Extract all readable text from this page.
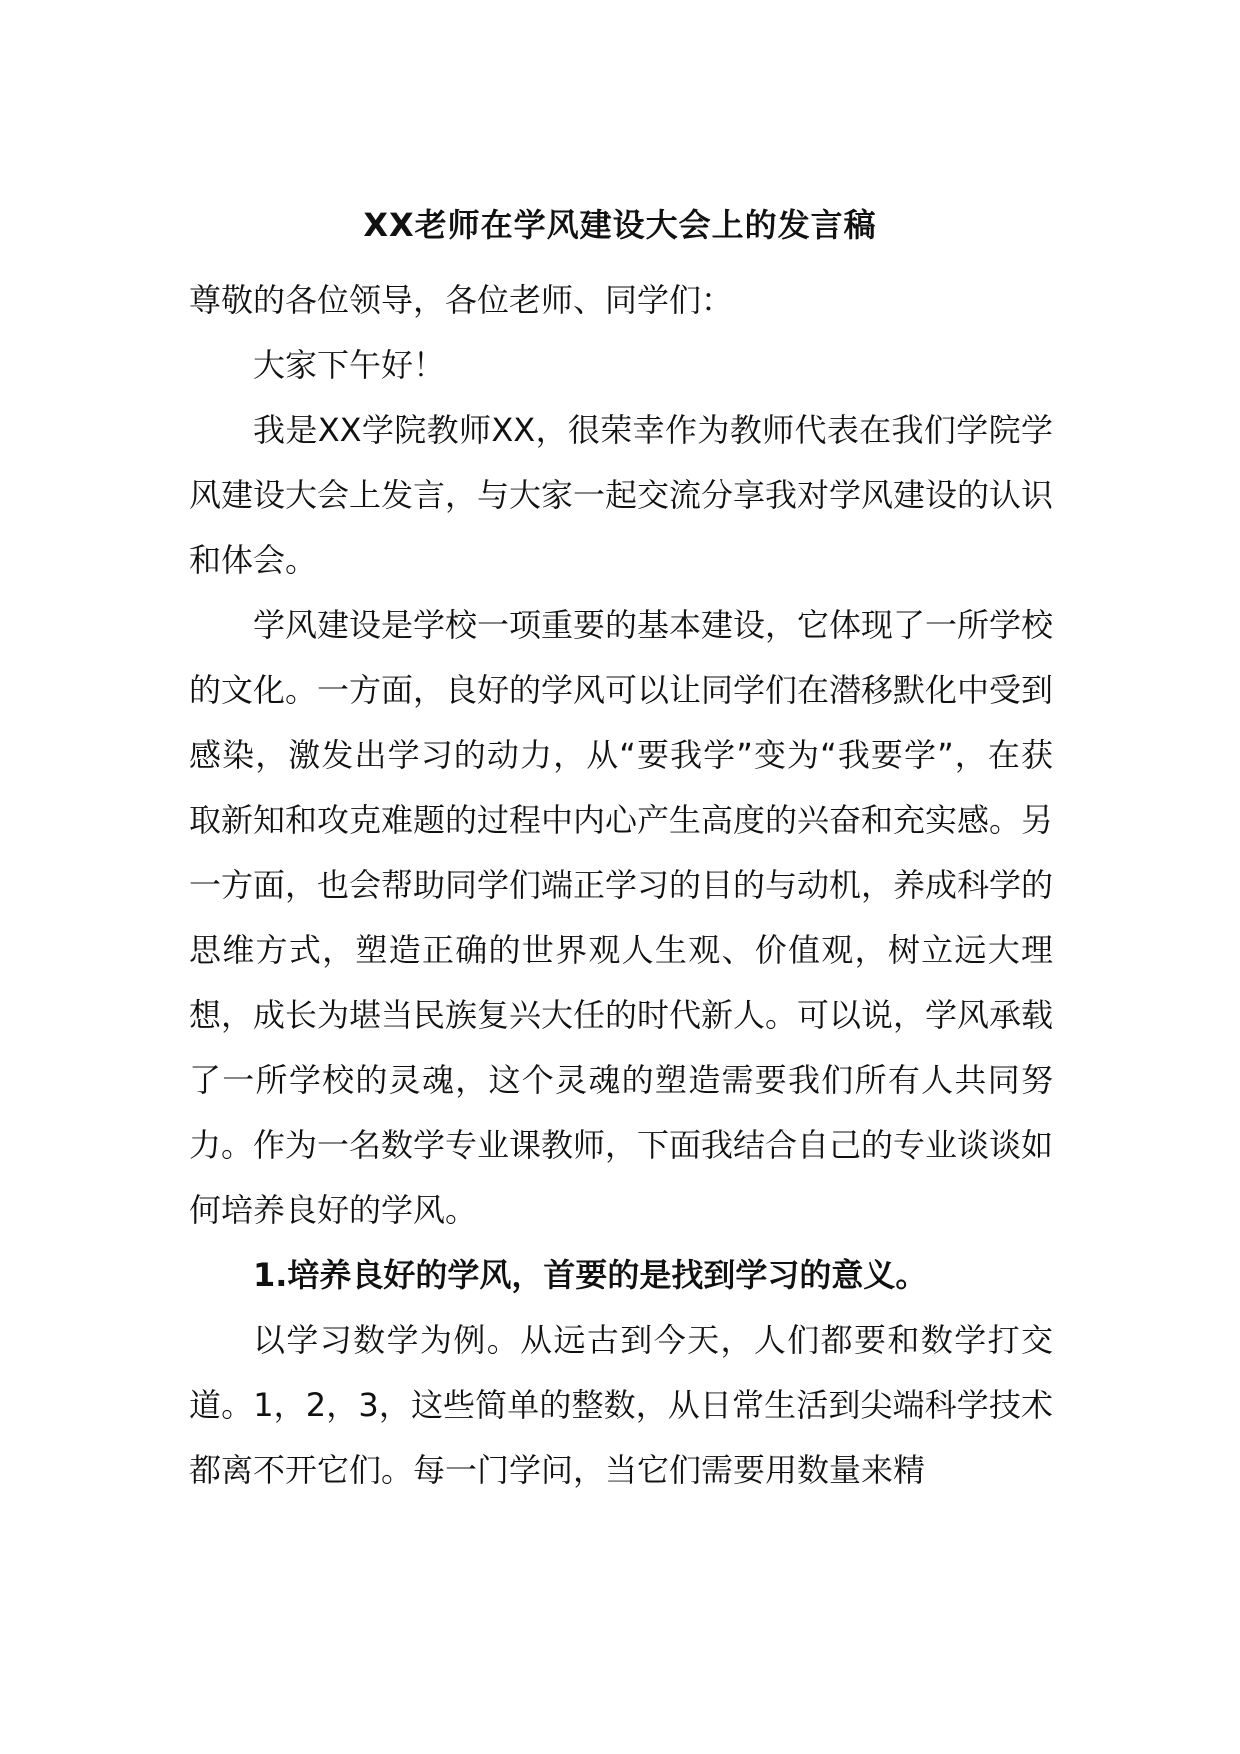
XX老师在学风建设大会上的发言稿

尊敬的各位领导，各位老师、同学们：

大家下午好！

我是XX学院教师XX，很荣幸作为教师代表在我们学院学风建设大会上发言，与大家一起交流分享我对学风建设的认识和体会。

学风建设是学校一项重要的基本建设，它体现了一所学校的文化。一方面，良好的学风可以让同学们在潜移默化中受到感染，激发出学习的动力，从“要我学”变为“我要学”，在获取新知和攻克难题的过程中内心产生高度的兴奋和充实感。另一方面，也会帮助同学们端正学习的目的与动机，养成科学的思维方式，塑造正确的世界观人生观、价值观，树立远大理想，成长为堪当民族复兴大任的时代新人。可以说，学风承载了一所学校的灵魂，这个灵魂的塑造需要我们所有人共同努力。作为一名数学专业课教师，下面我结合自己的专业谈谈如何培养良好的学风。

1.培养良好的学风，首要的是找到学习的意义。

以学习数学为例。从远古到今天，人们都要和数学打交道。1，2，3，这些简单的整数，从日常生活到尖端科学技术都离不开它们。每一门学问，当它们需要用数量来精
